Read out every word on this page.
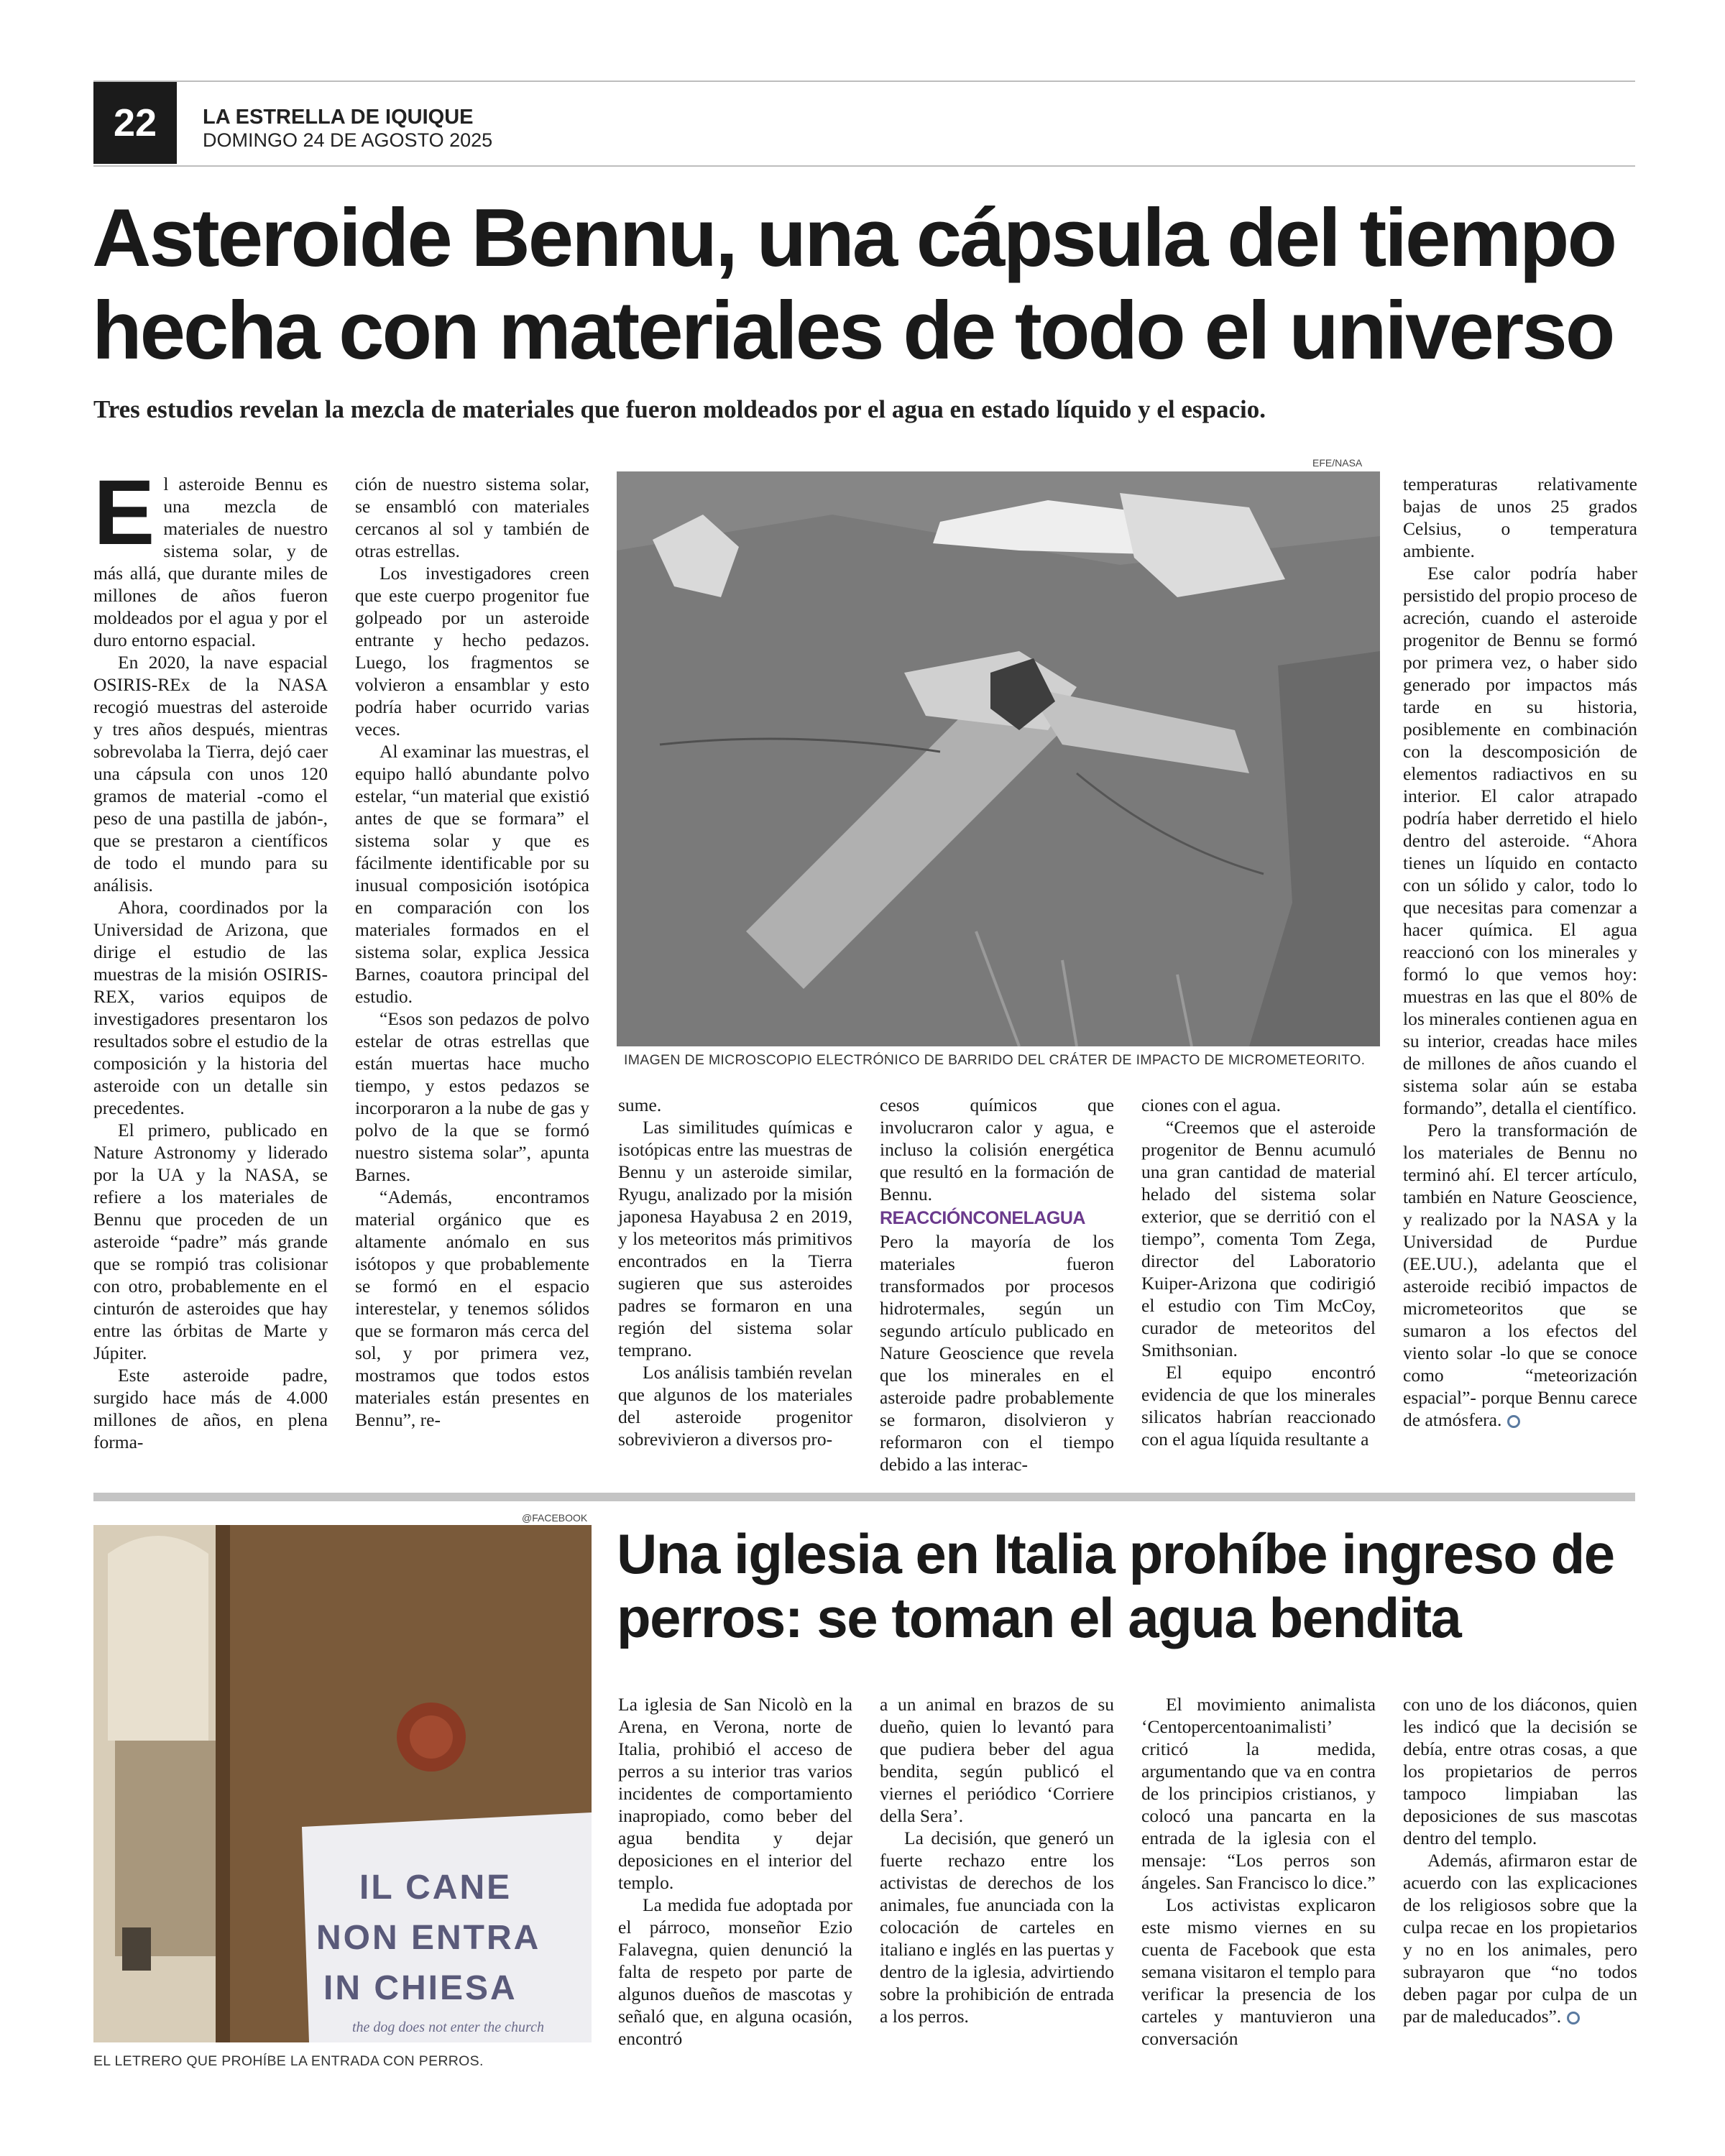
22	LA ESTRELLA DE IQUIQUE
DOMINGO 24 DE AGOSTO 2025
Asteroide Bennu, una cápsula del tiempo hecha con materiales de todo el universo

Tres estudios revelan la mezcla de materiales que fueron moldeados por el agua en estado líquido y el espacio.

E l asteroide Bennu es una mezcla de materiales de nuestro sistema solar, y de más allá, que durante miles de millones de años fueron moldeados por el agua y por el duro entorno espacial.

En 2020, la nave espacial OSIRIS-REx de la NASA recogió muestras del asteroide y tres años después, mientras sobrevolaba la Tierra, dejó caer una cápsula con unos 120 gramos de material -como el peso de una pastilla de jabón-, que se prestaron a científicos de todo el mundo para su análisis.

Ahora, coordinados por la Universidad de Arizona, que dirige el estudio de las muestras de la misión OSIRIS-REX, varios equipos de investigadores presentaron los resultados sobre el estudio de la composición y la historia del asteroide con un detalle sin precedentes.

El primero, publicado en Nature Astronomy y liderado por la UA y la NASA, se refiere a los materiales de Bennu que proceden de un asteroide “padre” más grande que se rompió tras colisionar con otro, probablemente en el cinturón de asteroides que hay entre las órbitas de Marte y Júpiter.

Este asteroide padre, surgido hace más de 4.000 millones de años, en plena forma-

ción de nuestro sistema solar, se ensambló con materiales cercanos al sol y también de otras estrellas.

Los investigadores creen que este cuerpo progenitor fue golpeado por un asteroide entrante y hecho pedazos. Luego, los fragmentos se volvieron a ensamblar y esto podría haber ocurrido varias veces.

Al examinar las muestras, el equipo halló abundante polvo estelar, “un material que existió antes de que se formara” el sistema solar y que es fácilmente identificable por su inusual composición isotópica en comparación con los materiales formados en el sistema solar, explica Jessica Barnes, coautora principal del estudio.

“Esos son pedazos de polvo estelar de otras estrellas que están muertas hace mucho tiempo, y estos pedazos se incorporaron a la nube de gas y polvo de la que se formó nuestro sistema solar”, apunta Barnes.

“Además, encontramos material orgánico que es altamente anómalo en sus isótopos y que probablemente se formó en el espacio interestelar, y tenemos sólidos que se formaron más cerca del sol, y por primera vez, mostramos que todos estos materiales están presentes en Bennu”, re-

EFE/NASA
IMAGEN DE MICROSCOPIO ELECTRÓNICO DE BARRIDO DEL CRÁTER DE IMPACTO DE MICROMETEORITO.

sume.

Las similitudes químicas e isotópicas entre las muestras de Bennu y un asteroide similar, Ryugu, analizado por la misión japonesa Hayabusa 2 en 2019, y los meteoritos más primitivos encontrados en la Tierra sugieren que sus asteroides padres se formaron en una región del sistema solar temprano.

Los análisis también revelan que algunos de los materiales del asteroide progenitor sobrevivieron a diversos pro-

cesos químicos que involucraron calor y agua, e incluso la colisión energética que resultó en la formación de Bennu.

REACCIÓNCONELAGUA

Pero la mayoría de los materiales fueron transformados por procesos hidrotermales, según un segundo artículo publicado en Nature Geoscience que revela que los minerales en el asteroide padre probablemente se formaron, disolvieron y reformaron con el tiempo debido a las interac-

ciones con el agua.

“Creemos que el asteroide progenitor de Bennu acumuló una gran cantidad de material helado del sistema solar exterior, que se derritió con el tiempo”, comenta Tom Zega, director del Laboratorio Kuiper-Arizona que codirigió el estudio con Tim McCoy, curador de meteoritos del Smithsonian.

El equipo encontró evidencia de que los minerales silicatos habrían reaccionado con el agua líquida resultante a

temperaturas relativamente bajas de unos 25 grados Celsius, o temperatura ambiente.

Ese calor podría haber persistido del propio proceso de acreción, cuando el asteroide progenitor de Bennu se formó por primera vez, o haber sido generado por impactos más tarde en su historia, posiblemente en combinación con la descomposición de elementos radiactivos en su interior. El calor atrapado podría haber derretido el hielo dentro del asteroide. “Ahora tienes un líquido en contacto con un sólido y calor, todo lo que necesitas para comenzar a hacer química. El agua reaccionó con los minerales y formó lo que vemos hoy: muestras en las que el 80% de los minerales contienen agua en su interior, creadas hace miles de millones de años cuando el sistema solar aún se estaba formando”, detalla el científico.

Pero la transformación de los materiales de Bennu no terminó ahí. El tercer artículo, también en Nature Geoscience, y realizado por la NASA y la Universidad de Purdue (EE.UU.), adelanta que el asteroide recibió impactos de micrometeoritos que se sumaron a los efectos del viento solar -lo que se conoce como “meteorización espacial”- porque Bennu carece de atmósfera.

@FACEBOOK
IL CANE
NON ENTRA
IN CHIESA
the dog does not enter the church
EL LETRERO QUE PROHÍBE LA ENTRADA CON PERROS.
Una iglesia en Italia prohíbe ingreso de perros: se toman el agua bendita

La iglesia de San Nicolò en la Arena, en Verona, norte de Italia, prohibió el acceso de perros a su interior tras varios incidentes de comportamiento inapropiado, como beber del agua bendita y dejar deposiciones en el interior del templo.

La medida fue adoptada por el párroco, monseñor Ezio Falavegna, quien denunció la falta de respeto por parte de algunos dueños de mascotas y señaló que, en alguna ocasión, encontró

a un animal en brazos de su dueño, quien lo levantó para que pudiera beber del agua bendita, según publicó el viernes el periódico ‘Corriere della Sera’.

La decisión, que generó un fuerte rechazo entre los activistas de derechos de los animales, fue anunciada con la colocación de carteles en italiano e inglés en las puertas y dentro de la iglesia, advirtiendo sobre la prohibición de entrada a los perros.

El movimiento animalista ‘Centopercentoanimalisti’ criticó la medida, argumentando que va en contra de los principios cristianos, y colocó una pancarta en la entrada de la iglesia con el mensaje: “Los perros son ángeles. San Francisco lo dice.”

Los activistas explicaron este mismo viernes en su cuenta de Facebook que esta semana visitaron el templo para verificar la presencia de los carteles y mantuvieron una conversación

con uno de los diáconos, quien les indicó que la decisión se debía, entre otras cosas, a que los propietarios de perros tampoco limpiaban las deposiciones de sus mascotas dentro del templo.

Además, afirmaron estar de acuerdo con las explicaciones de los religiosos sobre que la culpa recae en los propietarios y no en los animales, pero subrayaron que “no todos deben pagar por culpa de un par de maleducados”.
